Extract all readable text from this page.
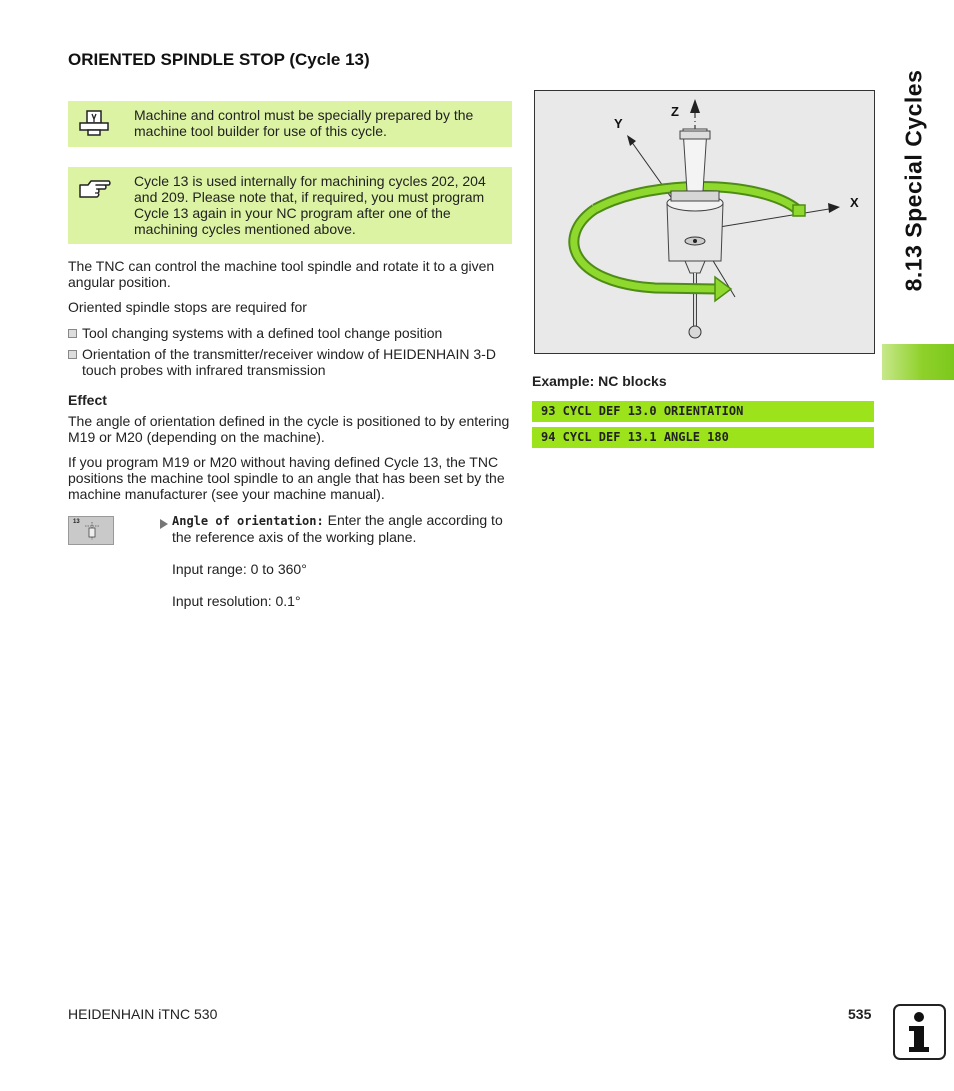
ORIENTED SPINDLE STOP (Cycle 13)
Machine and control must be specially prepared by the machine tool builder for use of this cycle.
Cycle 13 is used internally for machining cycles 202, 204 and 209. Please note that, if required, you must program Cycle 13 again in your NC program after one of the machining cycles mentioned above.

The TNC can control the machine tool spindle and rotate it to a given angular position.

Oriented spindle stops are required for

Tool changing systems with a defined tool change position
Orientation of the transmitter/receiver window of HEIDENHAIN 3-D touch probes with infrared transmission
Effect

The angle of orientation defined in the cycle is positioned to by entering M19 or M20 (depending on the machine).

If you program M19 or M20 without having defined Cycle 13, the TNC positions the machine tool spindle to an angle that has been set by the machine manufacturer (see your machine manual).

13	Angle of orientation: Enter the angle according to the reference axis of the working plane.
Input range: 0 to 360°
Input resolution: 0.1°
Z
Y
X
Example: NC blocks
93 CYCL DEF 13.0 ORIENTATION
94 CYCL DEF 13.1 ANGLE 180
8.13 Special Cycles
HEIDENHAIN iTNC 530	535
